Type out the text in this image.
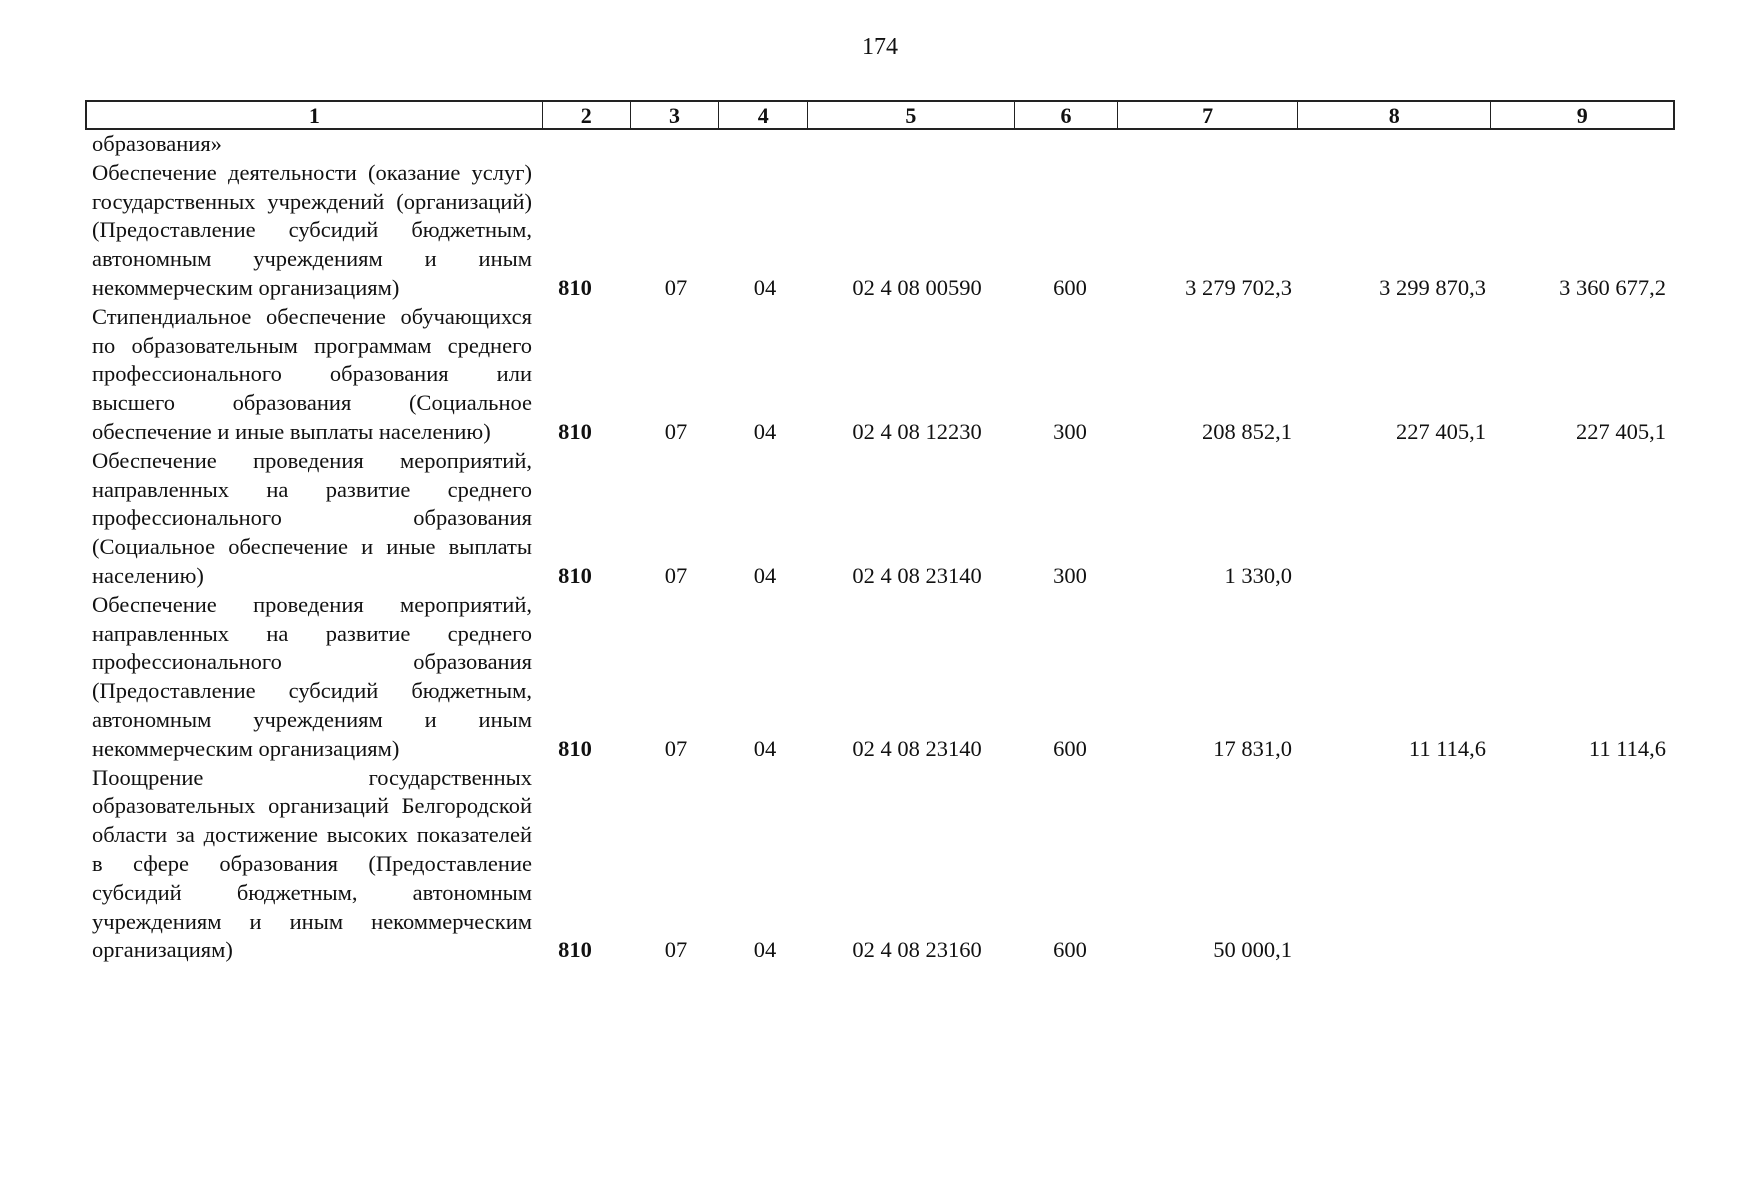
174
1	2	3	4	5	6	7	8	9
образования»
Обеспечение деятельности (оказание услуг) государственных учреждений (организаций) (Предоставление субсидий бюджетным, автономным учреждениям и иным некоммерческим организациям)	810	07	04	02 4 08 00590	600	3 279 702,3	3 299 870,3	3 360 677,2
Стипендиальное обеспечение обучающихся по образовательным программам среднего профессионального образования или высшего образования (Социальное обеспечение и иные выплаты населению)	810	07	04	02 4 08 12230	300	208 852,1	227 405,1	227 405,1
Обеспечение проведения мероприятий, направленных на развитие среднего профессионального образования (Социальное обеспечение и иные выплаты населению)	810	07	04	02 4 08 23140	300	1 330,0
Обеспечение проведения мероприятий, направленных на развитие среднего профессионального образования (Предоставление субсидий бюджетным, автономным учреждениям и иным некоммерческим организациям)	810	07	04	02 4 08 23140	600	17 831,0	11 114,6	11 114,6
Поощрение государственных образовательных организаций Белгородской области за достижение высоких показателей в сфере образования (Предоставление субсидий бюджетным, автономным учреждениям и иным некоммерческим организациям)	810	07	04	02 4 08 23160	600	50 000,1
